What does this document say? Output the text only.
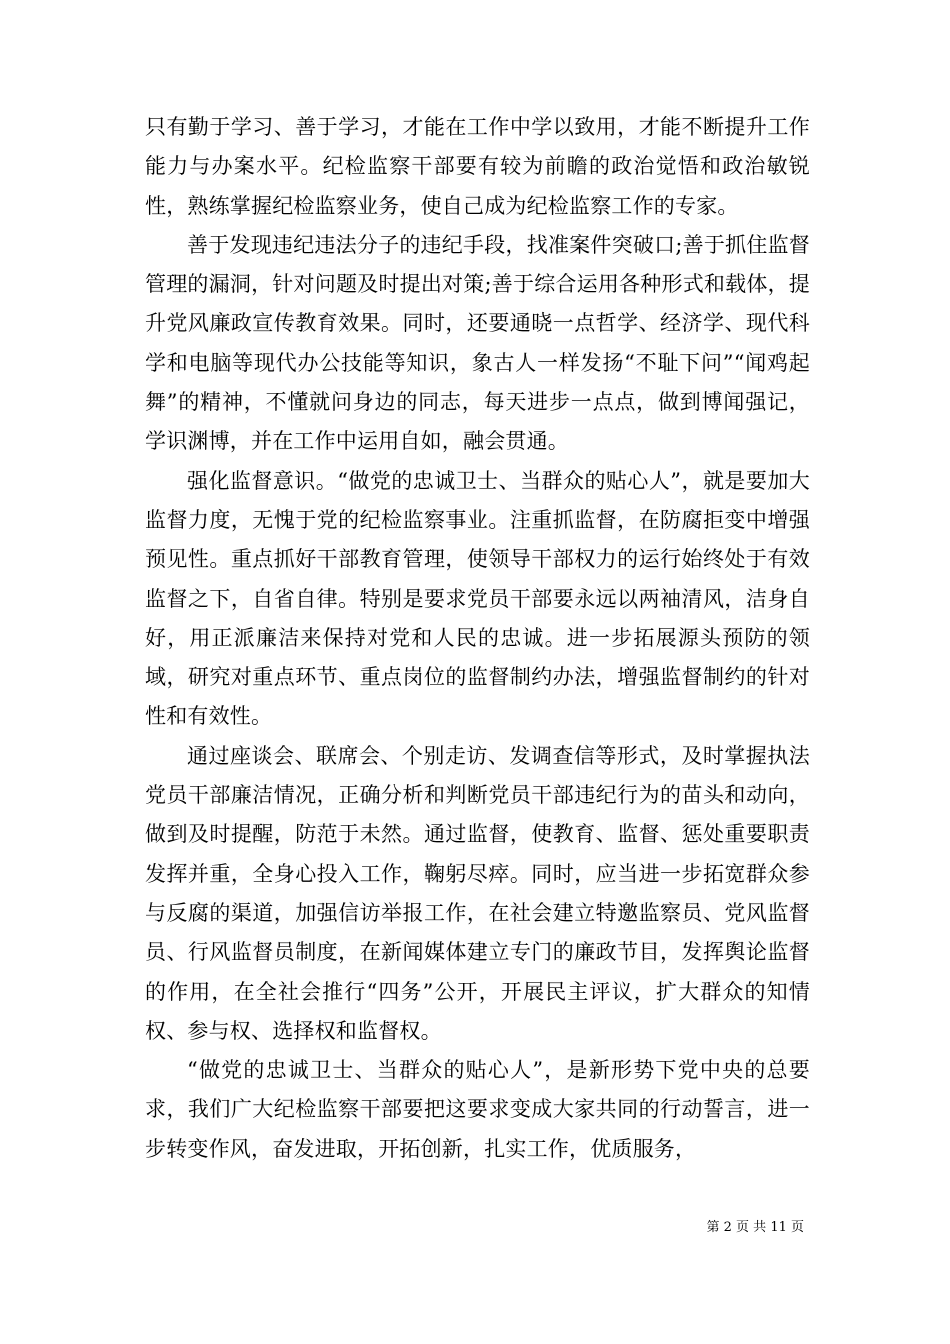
只有勤于学习、善于学习，才能在工作中学以致用，才能不断提升工作能力与办案水平。纪检监察干部要有较为前瞻的政治觉悟和政治敏锐性，熟练掌握纪检监察业务，使自己成为纪检监察工作的专家。

善于发现违纪违法分子的违纪手段，找准案件突破口;善于抓住监督管理的漏洞，针对问题及时提出对策;善于综合运用各种形式和载体，提升党风廉政宣传教育效果。同时，还要通晓一点哲学、经济学、现代科学和电脑等现代办公技能等知识，象古人一样发扬“不耻下问”“闻鸡起舞”的精神，不懂就问身边的同志，每天进步一点点，做到博闻强记，学识渊博，并在工作中运用自如，融会贯通。

强化监督意识。“做党的忠诚卫士、当群众的贴心人”，就是要加大监督力度，无愧于党的纪检监察事业。注重抓监督，在防腐拒变中增强预见性。重点抓好干部教育管理，使领导干部权力的运行始终处于有效监督之下，自省自律。特别是要求党员干部要永远以两袖清风，洁身自好，用正派廉洁来保持对党和人民的忠诚。进一步拓展源头预防的领域，研究对重点环节、重点岗位的监督制约办法，增强监督制约的针对性和有效性。

通过座谈会、联席会、个别走访、发调查信等形式，及时掌握执法党员干部廉洁情况，正确分析和判断党员干部违纪行为的苗头和动向，做到及时提醒，防范于未然。通过监督，使教育、监督、惩处重要职责发挥并重，全身心投入工作，鞠躬尽瘁。同时，应当进一步拓宽群众参与反腐的渠道，加强信访举报工作，在社会建立特邀监察员、党风监督员、行风监督员制度，在新闻媒体建立专门的廉政节目，发挥舆论监督的作用，在全社会推行“四务”公开，开展民主评议，扩大群众的知情权、参与权、选择权和监督权。

“做党的忠诚卫士、当群众的贴心人”，是新形势下党中央的总要求，我们广大纪检监察干部要把这要求变成大家共同的行动誓言，进一步转变作风，奋发进取，开拓创新，扎实工作，优质服务，

第 2 页 共 11 页
